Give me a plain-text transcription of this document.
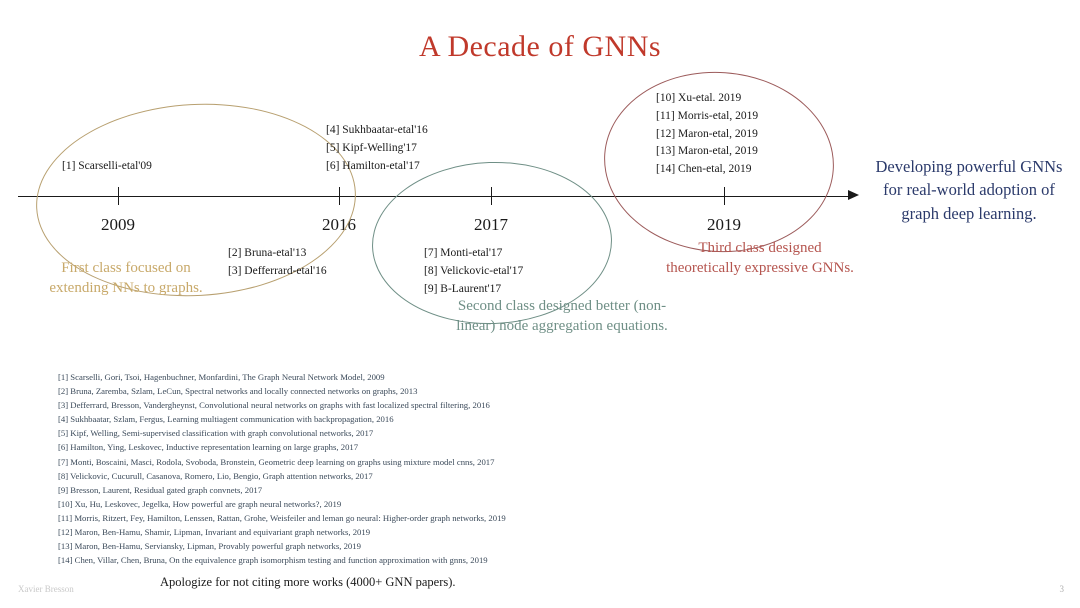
A Decade of GNNs
2009	2016	2017	2019
[1] Scarselli-etal'09
[2] Bruna-etal'13
[3] Defferrard-etal'16
[4] Sukhbaatar-etal'16
[5] Kipf-Welling'17
[6] Hamilton-etal'17
[7] Monti-etal'17
[8] Velickovic-etal'17
[9] B-Laurent'17
[10] Xu-etal. 2019
[11] Morris-etal, 2019
[12] Maron-etal, 2019
[13] Maron-etal, 2019
[14] Chen-etal, 2019
First class focused on extending NNs to graphs.
Second class designed better (non-linear) node aggregation equations.
Third class designed theoretically expressive GNNs.
Developing powerful GNNs for real-world adoption of graph deep learning.
[1] Scarselli, Gori, Tsoi, Hagenbuchner, Monfardini, The Graph Neural Network Model, 2009
[2] Bruna, Zaremba, Szlam, LeCun, Spectral networks and locally connected networks on graphs, 2013
[3] Defferrard, Bresson, Vandergheynst, Convolutional neural networks on graphs with fast localized spectral filtering, 2016
[4] Sukhbaatar, Szlam, Fergus, Learning multiagent communication with backpropagation, 2016
[5] Kipf, Welling, Semi-supervised classification with graph convolutional networks, 2017
[6] Hamilton, Ying, Leskovec, Inductive representation learning on large graphs, 2017
[7] Monti, Boscaini, Masci, Rodola, Svoboda, Bronstein, Geometric deep learning on graphs using mixture model cnns, 2017
[8] Velickovic, Cucurull, Casanova, Romero, Lio, Bengio, Graph attention networks, 2017
[9] Bresson, Laurent, Residual gated graph convnets, 2017
[10] Xu, Hu, Leskovec, Jegelka, How powerful are graph neural networks?, 2019
[11] Morris, Ritzert, Fey, Hamilton, Lenssen, Rattan, Grohe, Weisfeiler and leman go neural: Higher-order graph networks, 2019
[12] Maron, Ben-Hamu, Shamir, Lipman, Invariant and equivariant graph networks, 2019
[13] Maron, Ben-Hamu, Serviansky, Lipman, Provably powerful graph networks, 2019
[14] Chen, Villar, Chen, Bruna, On the equivalence graph isomorphism testing and function approximation with gnns, 2019
Apologize for not citing more works (4000+ GNN papers).
Xavier Bresson	3
